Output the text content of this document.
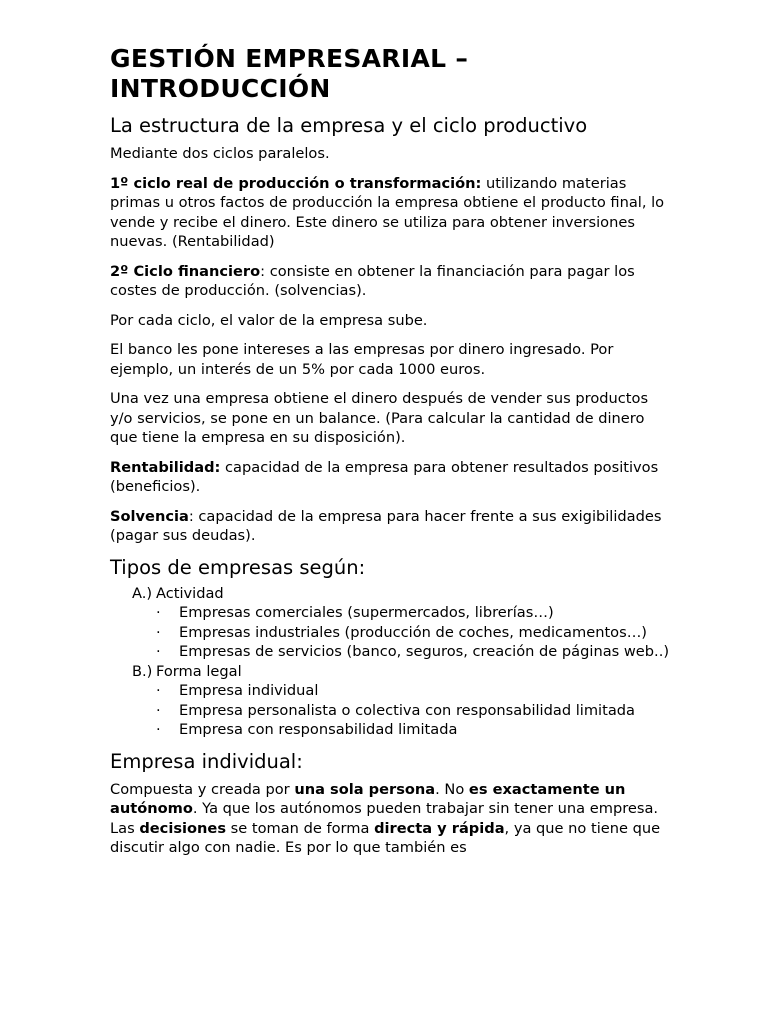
GESTIÓN EMPRESARIAL – INTRODUCCIÓN
La estructura de la empresa y el ciclo productivo

Mediante dos ciclos paralelos.

1º ciclo real de producción o transformación: utilizando materias primas u otros factos de producción la empresa obtiene el producto final, lo vende y recibe el dinero. Este dinero se utiliza para obtener inversiones nuevas. (Rentabilidad)

2º Ciclo financiero: consiste en obtener la financiación para pagar los costes de producción. (solvencias).

Por cada ciclo, el valor de la empresa sube.

El banco les pone intereses a las empresas por dinero ingresado. Por ejemplo, un interés de un 5% por cada 1000 euros.

Una vez una empresa obtiene el dinero después de vender sus productos y/o servicios, se pone en un balance. (Para calcular la cantidad de dinero que tiene la empresa en su disposición).

Rentabilidad: capacidad de la empresa para obtener resultados positivos (beneficios).

Solvencia: capacidad de la empresa para hacer frente a sus exigibilidades (pagar sus deudas).

Tipos de empresas según:
A.) Actividad
· Empresas comerciales (supermercados, librerías…)
· Empresas industriales (producción de coches, medicamentos…)
· Empresas de servicios (banco, seguros, creación de páginas web..)
B.) Forma legal
· Empresa individual
· Empresa personalista o colectiva con responsabilidad limitada
· Empresa con responsabilidad limitada
Empresa individual:

Compuesta y creada por una sola persona. No es exactamente un autónomo. Ya que los autónomos pueden trabajar sin tener una empresa. Las decisiones se toman de forma directa y rápida, ya que no tiene que discutir algo con nadie. Es por lo que también es
